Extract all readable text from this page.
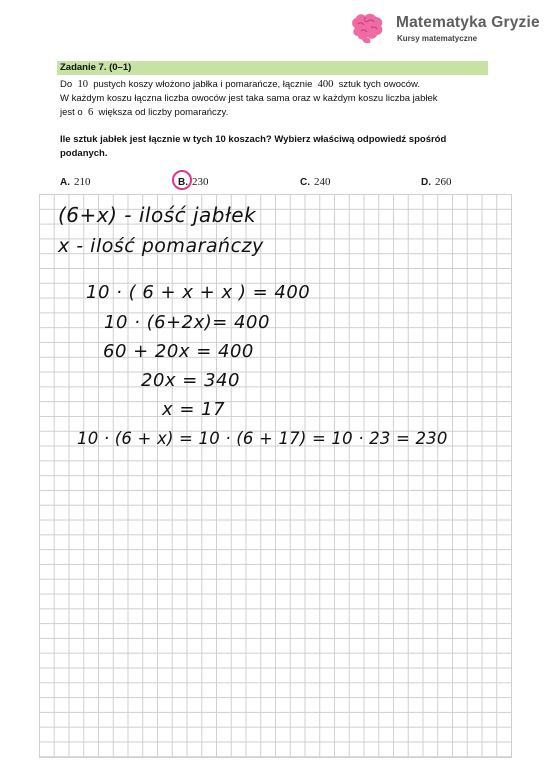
Matematyka Gryzie
Kursy matematyczne
Zadanie 7. (0–1)
Do 10 pustych koszy włożono jabłka i pomarańcze, łącznie 400 sztuk tych owoców.
W każdym koszu łączna liczba owoców jest taka sama oraz w każdym koszu liczba jabłek
jest o 6 większa od liczby pomarańczy.
Ile sztuk jabłek jest łącznie w tych 10 koszach? Wybierz właściwą odpowiedź spośród
podanych.
A. 210	B. 230	C. 240	D. 260
(6+x) - ilość jabłek
x - ilość pomarańczy
10 · ( 6 + x + x ) = 400
10 · (6+2x)= 400
60 + 20x = 400
20x = 340
x = 17
10 · (6 + x) = 10 · (6 + 17) = 10 · 23 = 230
